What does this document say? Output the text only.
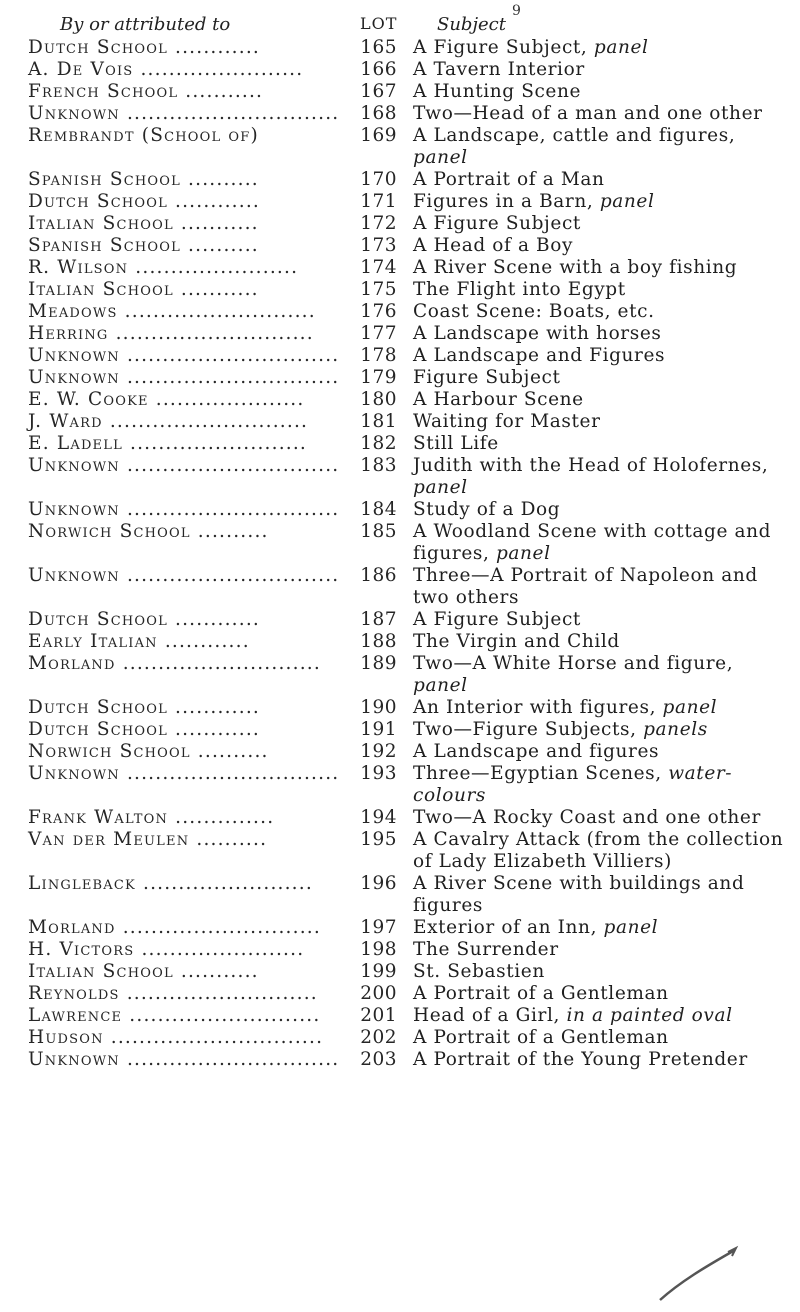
9
By or attributed to	LOT Subject
Dutch School ............	165 A Figure Subject, panel
A. De Vois .......................	166 A Tavern Interior
French School ...........	167 A Hunting Scene
Unknown ..............................	168 Two—Head of a man and one other
Rembrandt (School of)	169 A Landscape, cattle and figures, panel
Spanish School ..........	170 A Portrait of a Man
Dutch School ............	171 Figures in a Barn, panel
Italian School ...........	172 A Figure Subject
Spanish School ..........	173 A Head of a Boy
R. Wilson .......................	174 A River Scene with a boy fishing
Italian School ...........	175 The Flight into Egypt
Meadows ...........................	176 Coast Scene: Boats, etc.
Herring ............................	177 A Landscape with horses
Unknown ..............................	178 A Landscape and Figures
Unknown ..............................	179 Figure Subject
E. W. Cooke .....................	180 A Harbour Scene
J. Ward ............................	181 Waiting for Master
E. Ladell .........................	182 Still Life
Unknown ..............................	183 Judith with the Head of Holofernes, panel
Unknown ..............................	184 Study of a Dog
Norwich School ..........	185 A Woodland Scene with cottage and figures, panel
Unknown ..............................	186 Three—A Portrait of Napoleon and two others
Dutch School ............	187 A Figure Subject
Early Italian ............	188 The Virgin and Child
Morland ............................	189 Two—A White Horse and figure, panel
Dutch School ............	190 An Interior with figures, panel
Dutch School ............	191 Two—Figure Subjects, panels
Norwich School ..........	192 A Landscape and figures
Unknown ..............................	193 Three—Egyptian Scenes, water-colours
Frank Walton ..............	194 Two—A Rocky Coast and one other
Van der Meulen ..........	195 A Cavalry Attack (from the collection of Lady Elizabeth Villiers)
Lingleback ........................	196 A River Scene with buildings and figures
Morland ............................	197 Exterior of an Inn, panel
H. Victors .......................	198 The Surrender
Italian School ...........	199 St. Sebastien
Reynolds ...........................	200 A Portrait of a Gentleman
Lawrence ...........................	201 Head of a Girl, in a painted oval
Hudson ..............................	202 A Portrait of a Gentleman
Unknown ..............................	203 A Portrait of the Young Pretender
